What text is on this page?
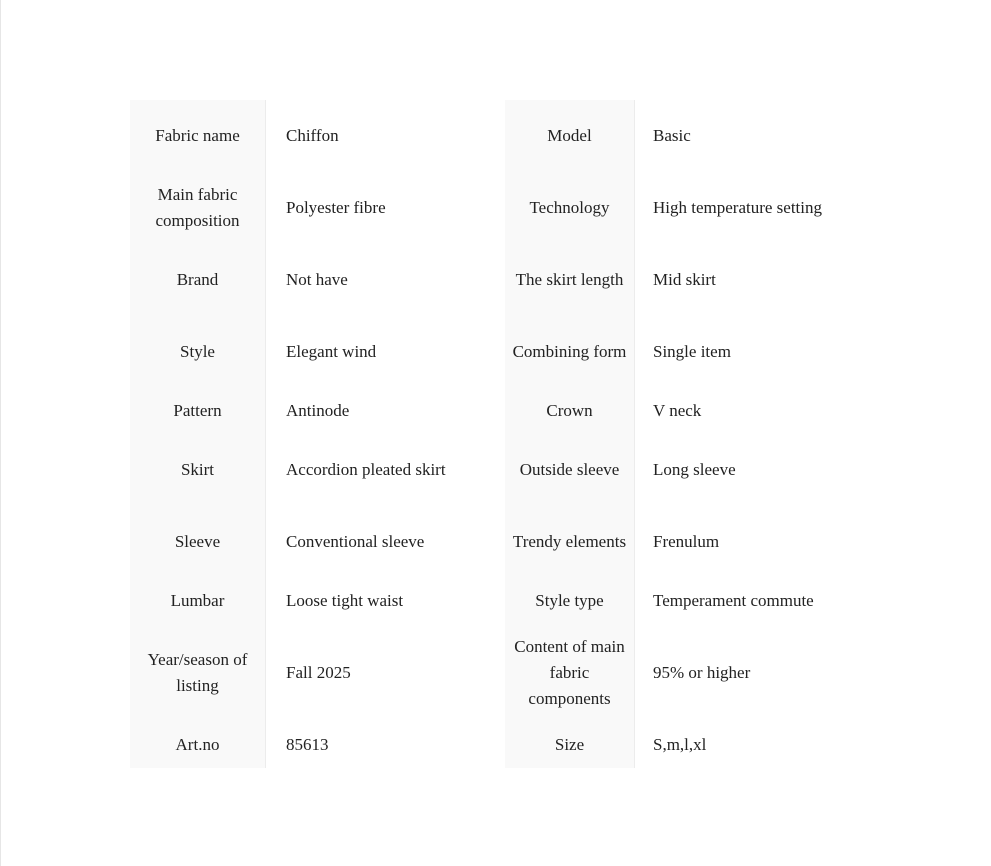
Fabric name	Chiffon	Model	Basic
Main fabric composition	Polyester fibre	Technology	High temperature setting
Brand	Not have	The skirt length	Mid skirt
Style	Elegant wind	Combining form	Single item
Pattern	Antinode	Crown	V neck
Skirt	Accordion pleated skirt	Outside sleeve	Long sleeve
Sleeve	Conventional sleeve	Trendy elements	Frenulum
Lumbar	Loose tight waist	Style type	Temperament commute
Year/season of listing	Fall 2025	Content of main fabric components	95% or higher
Art.no	85613	Size	S,m,l,xl
